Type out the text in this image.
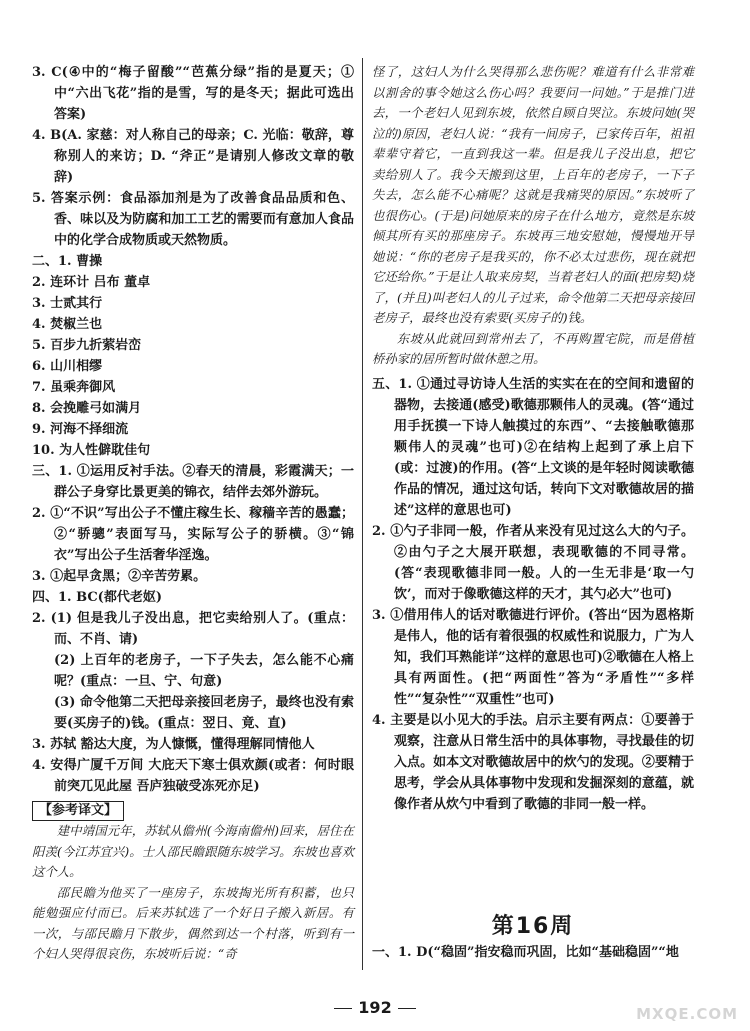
3. C(④中的“梅子留酸”“芭蕉分绿”指的是夏天；①中“六出飞花”指的是雪，写的是冬天；据此可选出答案)
4. B(A. 家慈：对人称自己的母亲；C. 光临：敬辞，尊称别人的来访；D. “斧正”是请别人修改文章的敬辞)
5. 答案示例：食品添加剂是为了改善食品品质和色、香、味以及为防腐和加工工艺的需要而有意加人食品中的化学合成物质或天然物质。
二、1. 曹操
2. 连环计 吕布 董卓
3. 士贰其行
4. 焚椒兰也
5. 百步九折萦岩峦
6. 山川相缪
7. 虽乘奔御风
8. 会挽雕弓如满月
9. 河海不择细流
10. 为人性僻耽佳句
三、1. ①运用反衬手法。②春天的清晨，彩霞满天；一群公子身穿比景更美的锦衣，结伴去郊外游玩。
2. ①“不识”写出公子不懂庄稼生长、稼穑辛苦的愚蠢；②“骄骢”表面写马，实际写公子的骄横。③“锦衣”写出公子生活奢华淫逸。
3. ①起早贪黑；②辛苦劳累。
四、1. BC(都代老妪)
2. (1) 但是我儿子没出息，把它卖给别人了。(重点：而、不肖、请)
(2) 上百年的老房子，一下子失去，怎么能不心痛呢？(重点：一旦、宁、句意)
(3) 命令他第二天把母亲接回老房子，最终也没有索要(买房子的)钱。(重点：翌日、竟、直)
3. 苏轼 豁达大度，为人慷慨，懂得理解同情他人
4. 安得广厦千万间 大庇天下寒士俱欢颜(或者：何时眼前突兀见此屋 吾庐独破受冻死亦足)
【参考译文】

建中靖国元年，苏轼从儋州(今海南儋州)回来，居住在阳羡(今江苏宜兴)。士人邵民瞻跟随东坡学习。东坡也喜欢这个人。

邵民瞻为他买了一座房子，东坡掏光所有积蓄，也只能勉强应付而已。后来苏轼选了一个好日子搬入新居。有一次，与邵民瞻月下散步，偶然到达一个村落，听到有一个妇人哭得很哀伤，东坡听后说：“奇

怪了，这妇人为什么哭得那么悲伤呢？难道有什么非常难以割舍的事令她这么伤心吗？我要问一问她。”于是推门进去，一个老妇人见到东坡，依然自顾自哭泣。东坡问她(哭泣的)原因，老妇人说：“我有一间房子，已家传百年，祖祖辈辈守着它，一直到我这一辈。但是我儿子没出息，把它卖给别人了。我今天搬到这里，上百年的老房子，一下子失去，怎么能不心痛呢？这就是我痛哭的原因。”东坡听了也很伤心。(于是)问她原来的房子在什么地方，竟然是东坡倾其所有买的那座房子。东坡再三地安慰她，慢慢地开导她说：“你的老房子是我买的，你不必太过悲伤，现在就把它还给你。”于是让人取来房契，当着老妇人的面(把房契)烧了，(并且)叫老妇人的儿子过来，命令他第二天把母亲接回老房子，最终也没有索要(买房子的)钱。

东坡从此就回到常州去了，不再购置宅院，而是借植桥孙家的居所暂时做休憩之用。

五、1. ①通过寻访诗人生活的实实在在的空间和遗留的器物，去接通(感受)歌德那颗伟人的灵魂。(答“通过用手抚摸一下诗人触摸过的东西”、“去接触歌德那颗伟人的灵魂”也可)②在结构上起到了承上启下(或：过渡)的作用。(答“上文谈的是年轻时阅读歌德作品的情况，通过这句话，转向下文对歌德故居的描述”这样的意思也可)
2. ①勺子非同一般，作者从来没有见过这么大的勺子。②由勺子之大展开联想，表现歌德的不同寻常。(答“表现歌德非同一般。人的一生无非是‘取一勺饮’，而对于像歌德这样的天才，其勺必大”也可)
3. ①借用伟人的话对歌德进行评价。(答出“因为恩格斯是伟人，他的话有着很强的权威性和说服力，广为人知，我们耳熟能详”这样的意思也可)②歌德在人格上具有两面性。(把“两面性”答为“矛盾性”“多样性”“复杂性”“双重性”也可)
4. 主要是以小见大的手法。启示主要有两点：①要善于观察，注意从日常生活中的具体事物，寻找最佳的切入点。如本文对歌德故居中的炊勺的发现。②要精于思考，学会从具体事物中发现和发掘深刻的意蕴，就像作者从炊勺中看到了歌德的非同一般一样。
第16周
一、1. D(“稳固”指安稳而巩固，比如“基础稳固”“地
192	MXQE.COM
